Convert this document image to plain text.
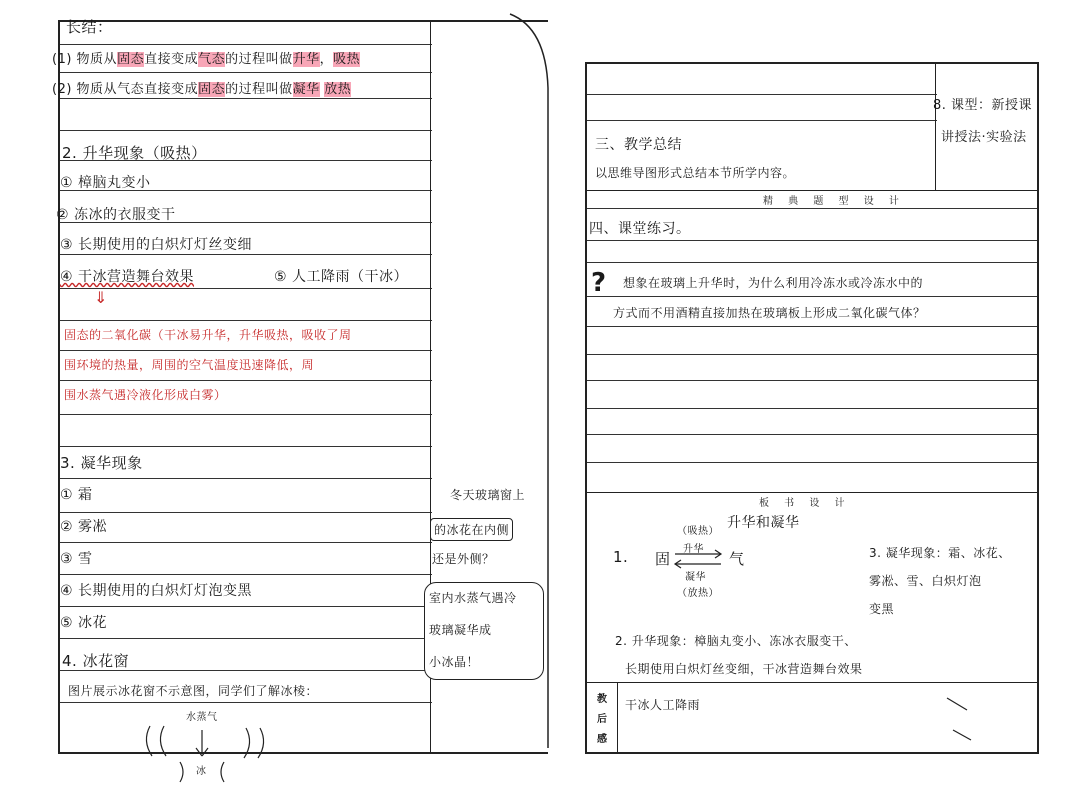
长结：
(1) 物质从固态直接变成气态的过程叫做升华，吸热
(2) 物质从气态直接变成固态的过程叫做凝华 放热
2. 升华现象（吸热）
① 樟脑丸变小
② 冻冰的衣服变干
③ 长期使用的白炽灯灯丝变细
④ 干冰营造舞台效果	⑤ 人工降雨（干冰）
⇓
固态的二氧化碳（干冰易升华，升华吸热，吸收了周
围环境的热量，周围的空气温度迅速降低，周
围水蒸气遇冷液化形成白雾）
3. 凝华现象
① 霜
② 雾凇
③ 雪
④ 长期使用的白炽灯灯泡变黑
⑤ 冰花
4. 冰花窗
图片展示冰花窗不示意图，同学们了解冰棱：
水蒸气
冰
冬天玻璃窗上
的冰花在内侧
还是外侧？
室内水蒸气遇冷
玻璃凝华成
小冰晶！
8. 课型：新授课
讲授法·实验法
三、教学总结
以思维导图形式总结本节所学内容。
精 典 题 型 设 计
四、课堂练习。
? 想象在玻璃上升华时，为什么利用冷冻水或冷冻水中的
方式而不用酒精直接加热在玻璃板上形成二氧化碳气体？
板 书 设 计
升华和凝华
1. 固
（吸热）
升华
凝华
（放热）
气	3. 凝华现象：霜、冰花、
雾凇、雪、白炽灯泡
变黑
2. 升华现象：樟脑丸变小、冻冰衣服变干、
长期使用白炽灯丝变细，干冰营造舞台效果
教
后
感
干冰人工降雨
